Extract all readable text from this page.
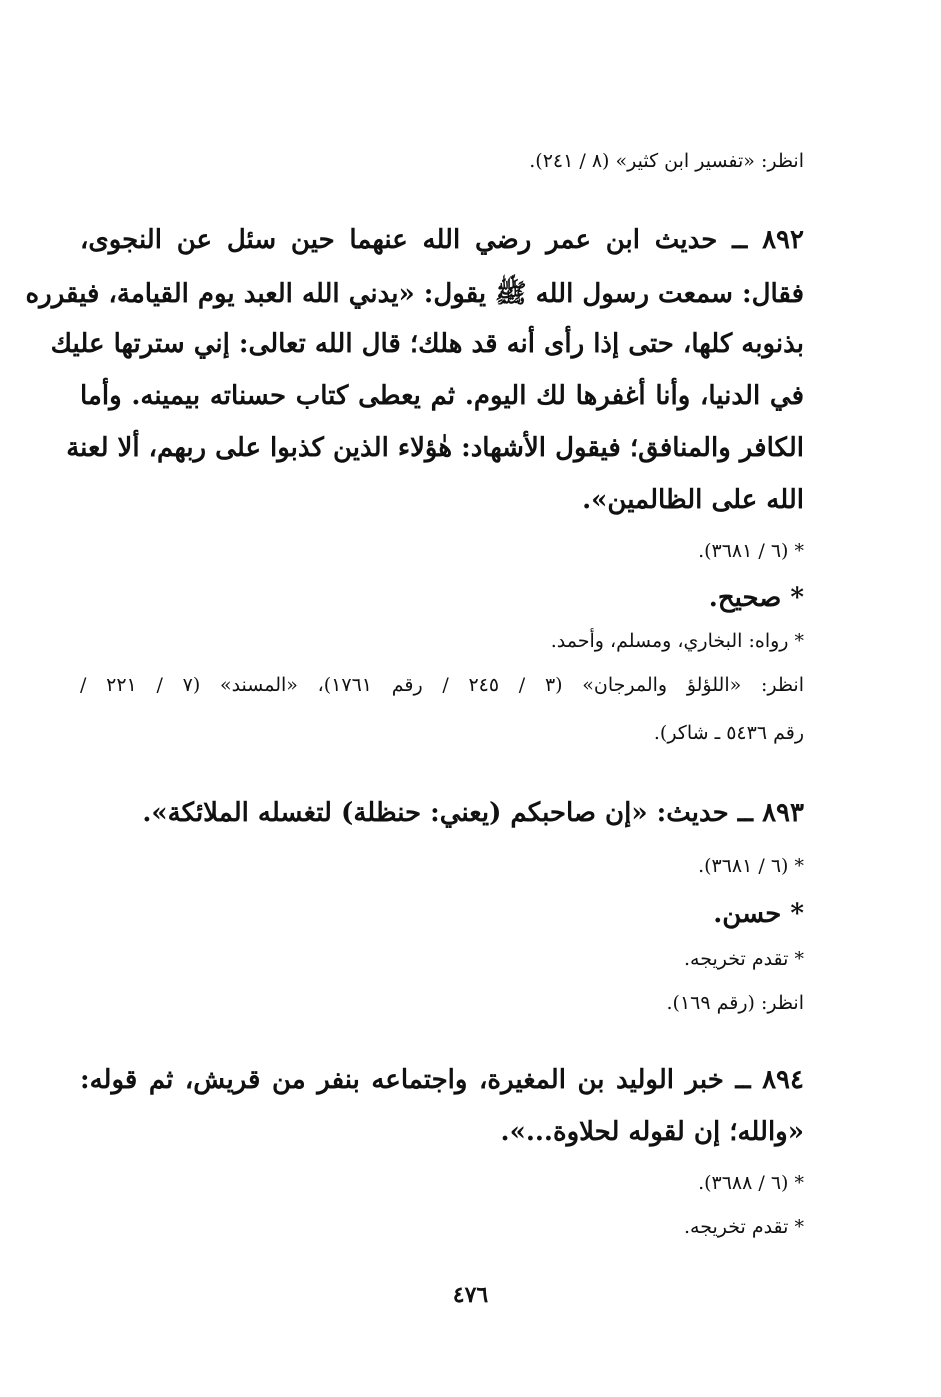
انظر: «تفسير ابن كثير» (٨ / ٢٤١).
٨٩٢ ــ حديث ابن عمر رضي الله عنهما حين سئل عن النجوى،
فقال: سمعت رسول الله ﷺ يقول: «يدني الله العبد يوم القيامة، فيقرره
بذنوبه كلها، حتى إذا رأى أنه قد هلك؛ قال الله تعالى: إني سترتها عليك
في الدنيا، وأنا أغفرها لك اليوم. ثم يعطى كتاب حسناته بيمينه. وأما
الكافر والمنافق؛ فيقول الأشهاد: هٰؤلاء الذين كذبوا على ربهم، ألا لعنة
الله على الظالمين».
* (٦ / ٣٦٨١).
* صحيح.
* رواه: البخاري، ومسلم، وأحمد.
انظر: «اللؤلؤ والمرجان» (٣ / ٢٤٥ / رقم ١٧٦١)، «المسند» (٧ / ٢٢١ /
رقم ٥٤٣٦ ـ شاكر).
٨٩٣ ــ حديث: «إن صاحبكم (يعني: حنظلة) لتغسله الملائكة».
* (٦ / ٣٦٨١).
* حسن.
* تقدم تخريجه.
انظر: (رقم ١٦٩).
٨٩٤ ــ خبر الوليد بن المغيرة، واجتماعه بنفر من قريش، ثم قوله:
«والله؛ إن لقوله لحلاوة...».
* (٦ / ٣٦٨٨).
* تقدم تخريجه.
٤٧٦
